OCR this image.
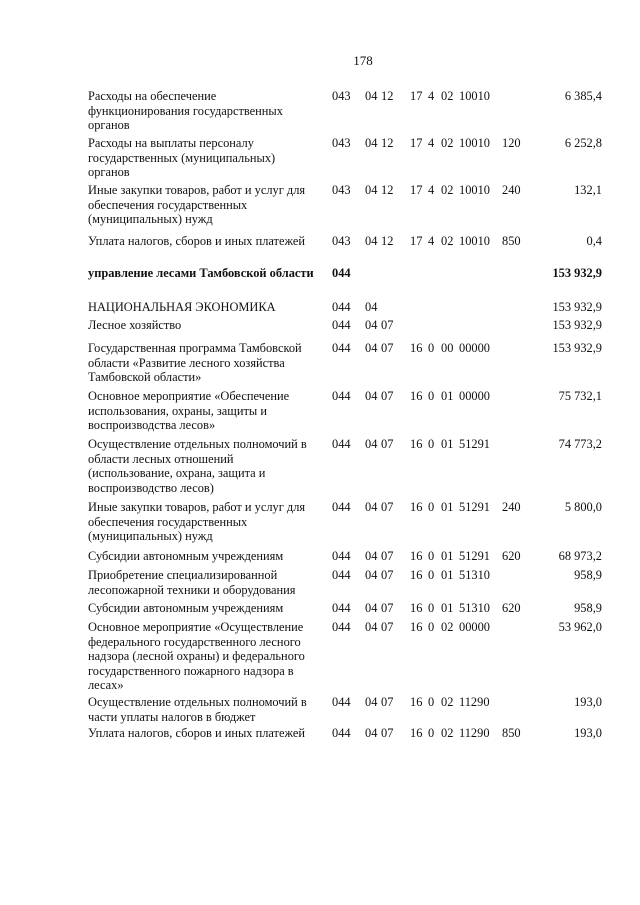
178
Расходы на обеспечение функционирования государственных органов
043 04 12 17 4 02 10010	6 385,4
Расходы на выплаты персоналу государственных (муниципальных) органов
043 04 12 17 4 02 10010 120	6 252,8
Иные закупки товаров, работ и услуг для обеспечения государственных (муниципальных) нужд
043 04 12 17 4 02 10010 240	132,1
Уплата налогов, сборов и иных платежей	043 04 12 17 4 02 10010 850	0,4
управление лесами Тамбовской области 044	153 932,9
НАЦИОНАЛЬНАЯ ЭКОНОМИКА	044 04	153 932,9
Лесное хозяйство	044 04 07	153 932,9
Государственная программа Тамбовской области «Развитие лесного хозяйства Тамбовской области»
044 04 07 16 0 00 00000	153 932,9
Основное мероприятие «Обеспечение использования, охраны, защиты и воспроизводства лесов»
044 04 07 16 0 01 00000	75 732,1
Осуществление отдельных полномочий в области лесных отношений (использование, охрана, защита и воспроизводство лесов)
044 04 07 16 0 01 51291	74 773,2
Иные закупки товаров, работ и услуг для обеспечения государственных (муниципальных) нужд
044 04 07 16 0 01 51291 240	5 800,0
Субсидии автономным учреждениям	044 04 07 16 0 01 51291 620	68 973,2
Приобретение специализированной лесопожарной техники и оборудования
044 04 07 16 0 01 51310	958,9
Субсидии автономным учреждениям	044 04 07 16 0 01 51310 620	958,9
Основное мероприятие «Осуществление федерального государственного лесного надзора (лесной охраны) и федерального государственного пожарного надзора в лесах»
044 04 07 16 0 02 00000	53 962,0
Осуществление отдельных полномочий в части уплаты налогов в бюджет
044 04 07 16 0 02 11290	193,0
Уплата налогов, сборов и иных платежей	044 04 07 16 0 02 11290 850	193,0
